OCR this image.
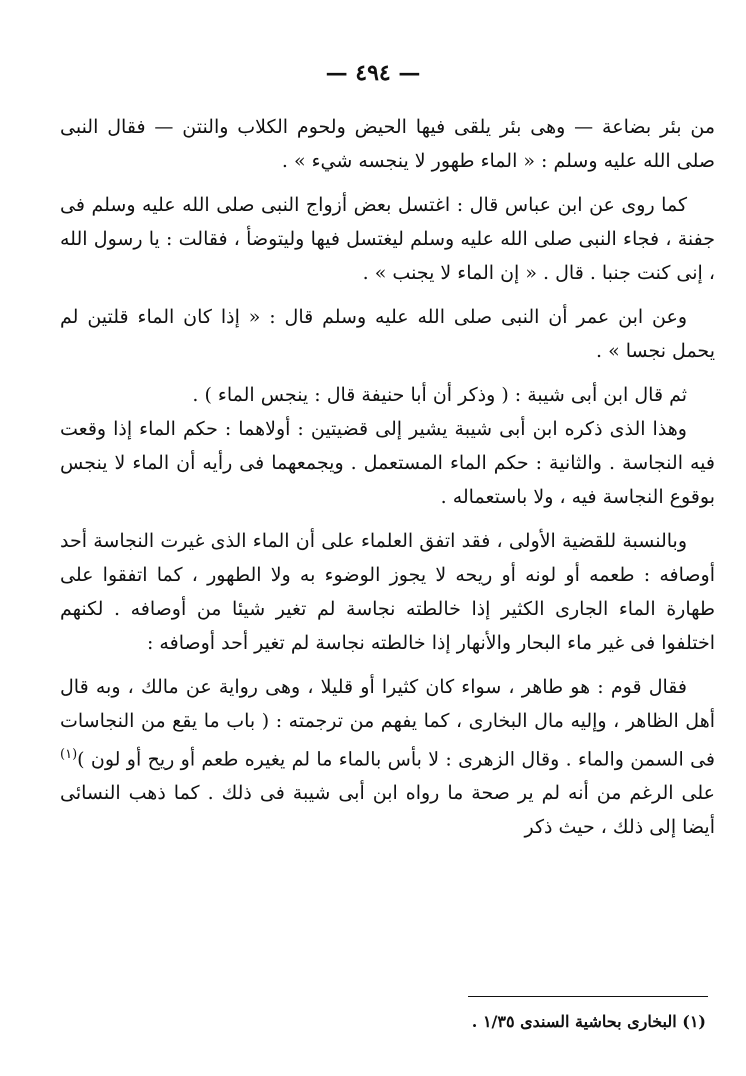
— ٤٩٤ —

من بئر بضاعة — وهى بئر يلقى فيها الحيض ولحوم الكلاب والنتن — فقال النبى صلى الله عليه وسلم : « الماء طهور لا ينجسه شيء » .

كما روى عن ابن عباس قال : اغتسل بعض أزواج النبى صلى الله عليه وسلم فى جفنة ، فجاء النبى صلى الله عليه وسلم ليغتسل فيها وليتوضأ ، فقالت : يا رسول الله ، إنى كنت جنبا . قال . « إن الماء لا يجنب » .

وعن ابن عمر أن النبى صلى الله عليه وسلم قال : « إذا كان الماء قلتين لم يحمل نجسا » .

ثم قال ابن أبى شيبة : ( وذكر أن أبا حنيفة قال : ينجس الماء ) .

وهذا الذى ذكره ابن أبى شيبة يشير إلى قضيتين : أولاهما : حكم الماء إذا وقعت فيه النجاسة . والثانية : حكم الماء المستعمل . ويجمعهما فى رأيه أن الماء لا ينجس بوقوع النجاسة فيه ، ولا باستعماله .

وبالنسبة للقضية الأولى ، فقد اتفق العلماء على أن الماء الذى غيرت النجاسة أحد أوصافه : طعمه أو لونه أو ريحه لا يجوز الوضوء به ولا الطهور ، كما اتفقوا على طهارة الماء الجارى الكثير إذا خالطته نجاسة لم تغير شيئا من أوصافه . لكنهم اختلفوا فى غير ماء البحار والأنهار إذا خالطته نجاسة لم تغير أحد أوصافه :

فقال قوم : هو طاهر ، سواء كان كثيرا أو قليلا ، وهى رواية عن مالك ، وبه قال أهل الظاهر ، وإليه مال البخارى ، كما يفهم من ترجمته : ( باب ما يقع من النجاسات فى السمن والماء . وقال الزهرى : لا بأس بالماء ما لم يغيره طعم أو ريح أو لون )$^{(١)}$ على الرغم من أنه لم ير صحة ما رواه ابن أبى شيبة فى ذلك . كما ذهب النسائى أيضا إلى ذلك ، حيث ذكر

(١) البخارى بحاشية السندى ١/٣٥ .
